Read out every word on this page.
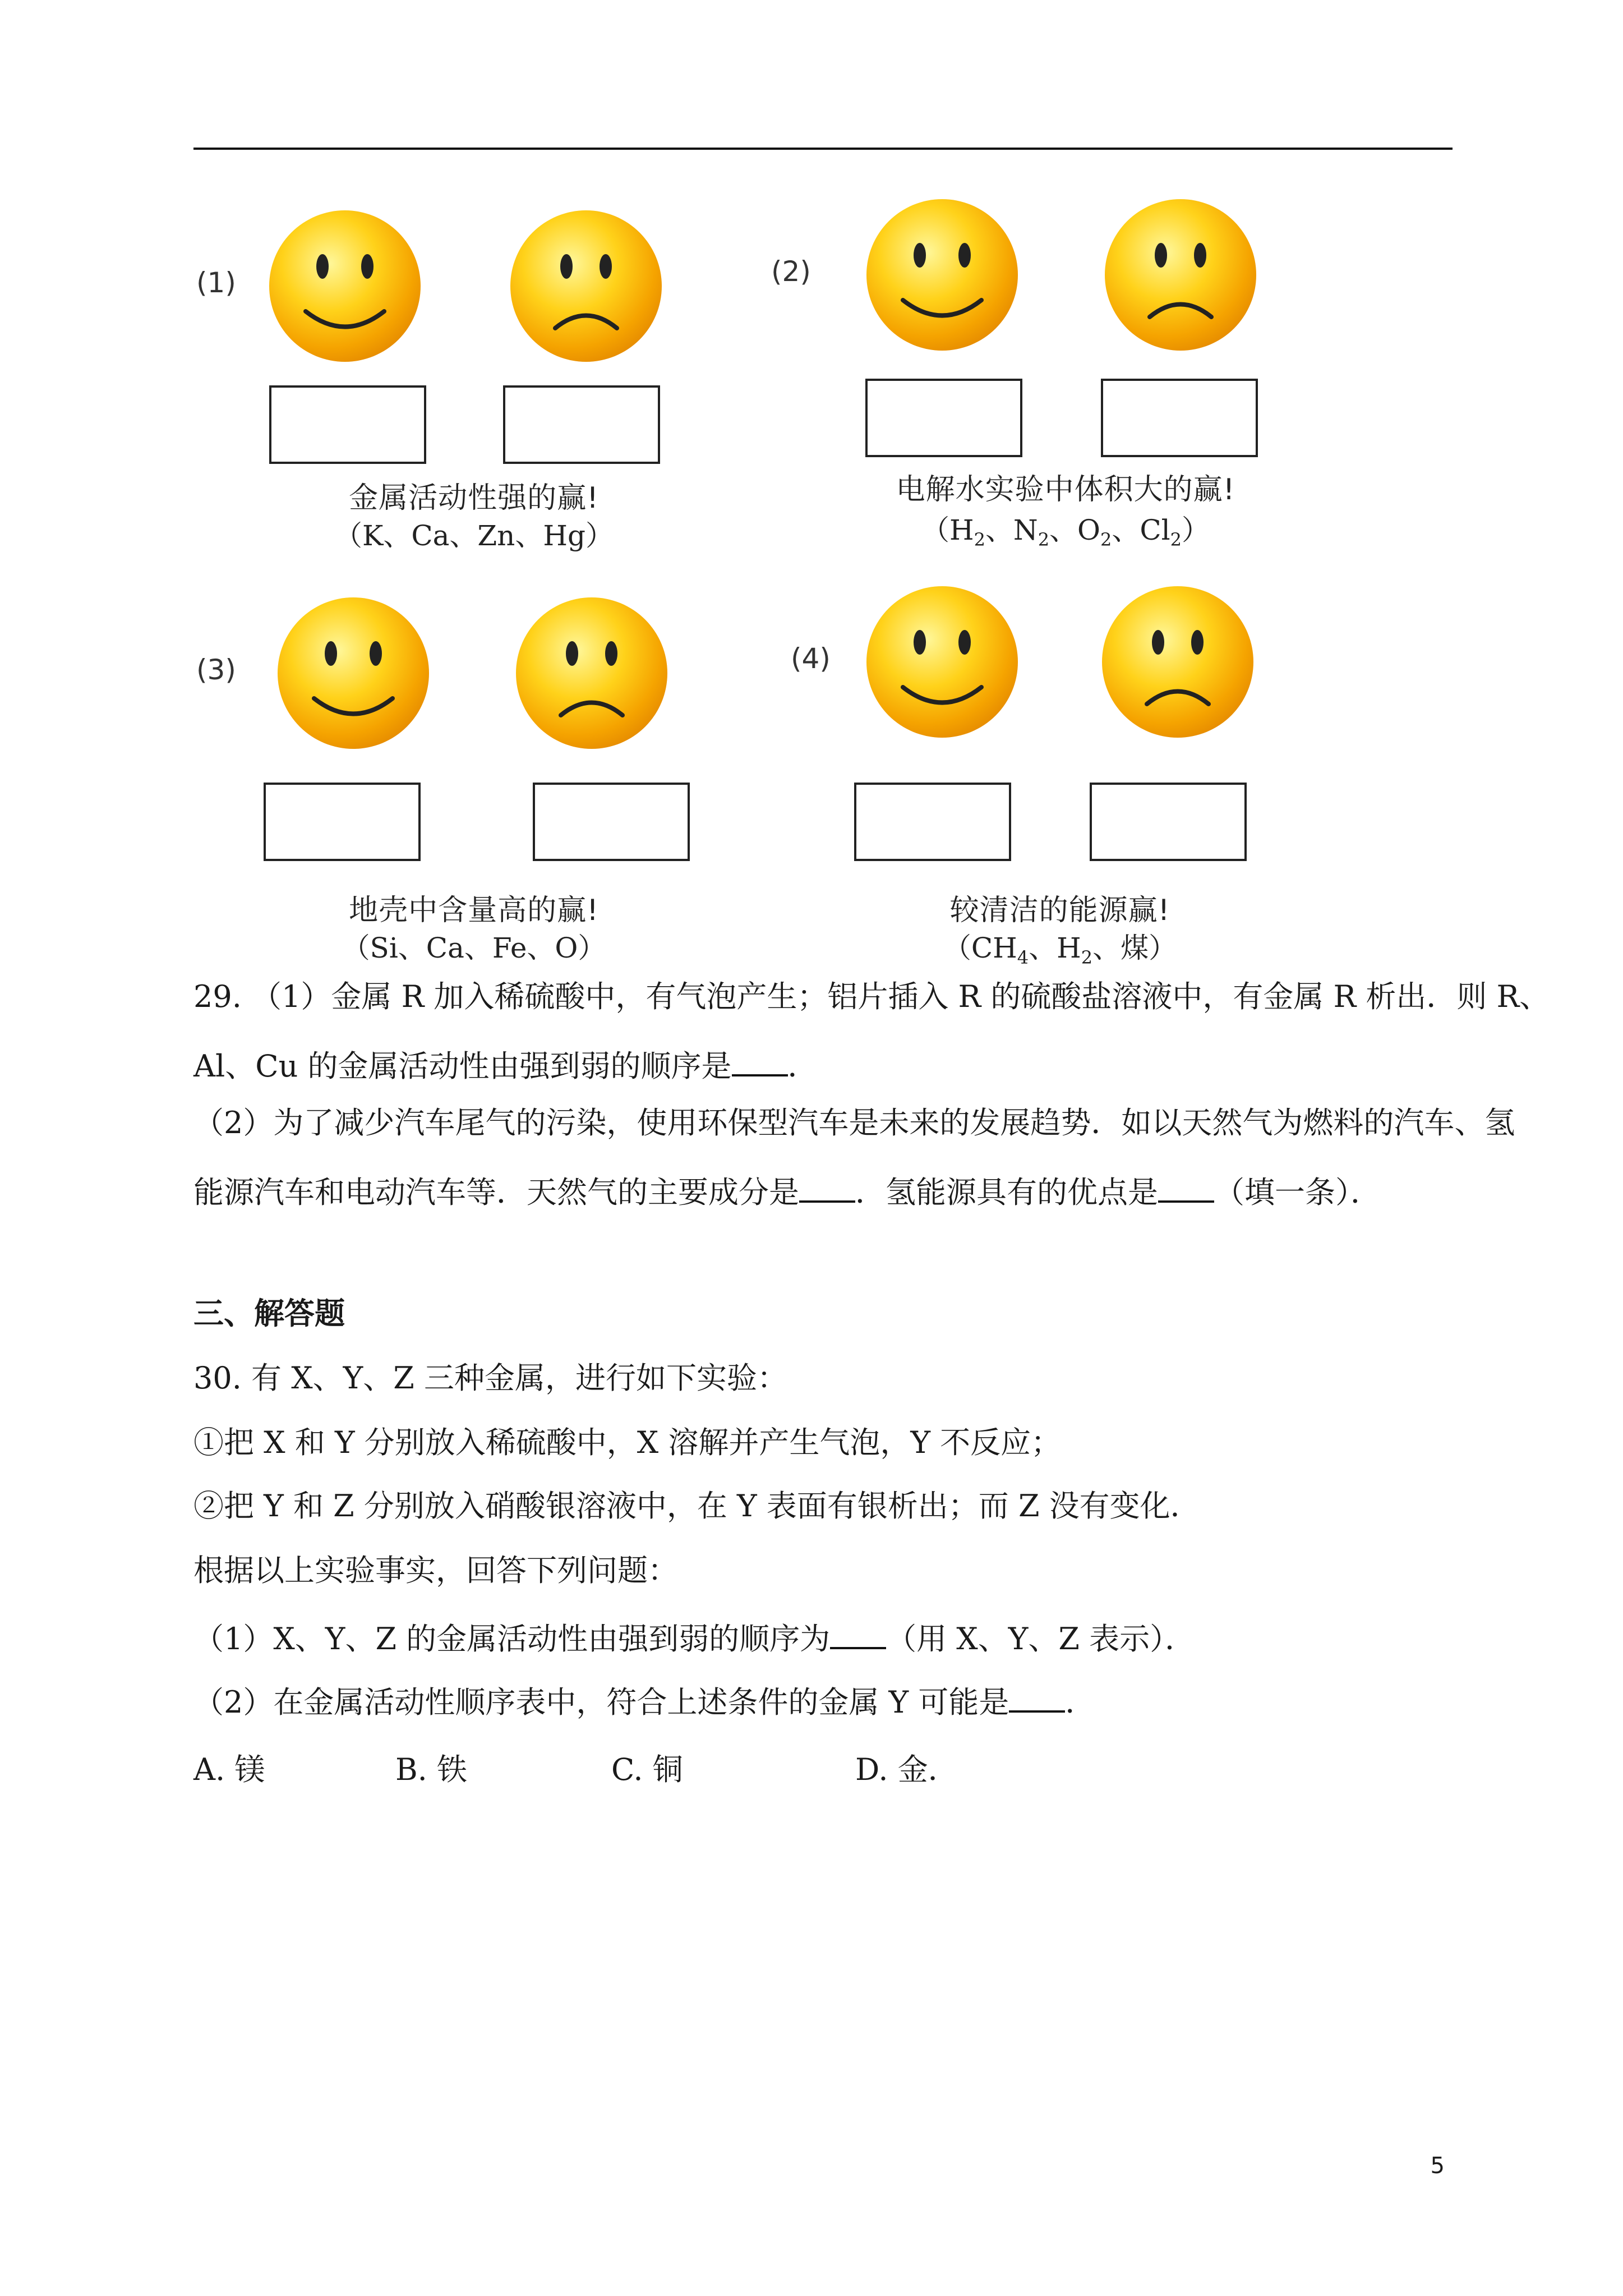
(1)
金属活动性强的赢!
（K、Ca、Zn、Hg）
(2)
电解水实验中体积大的赢!
（$H_2$、$N_2$、$O_2$、$Cl_2$）
(3)
地壳中含量高的赢!
（Si、Ca、Fe、O）
(4)
较清洁的能源赢!
（$CH_4$、$H_2$、煤）
29. （1）金属 R 加入稀硫酸中，有气泡产生；铝片插入 R 的硫酸盐溶液中，有金属 R 析出．则 R、
Al、Cu 的金属活动性由强到弱的顺序是 ．
（2）为了减少汽车尾气的污染，使用环保型汽车是未来的发展趋势．如以天然气为燃料的汽车、氢
能源汽车和电动汽车等．天然气的主要成分是 ．氢能源具有的优点是 （填一条）．
三、解答题
30. 有 X、Y、Z 三种金属，进行如下实验：
①把 X 和 Y 分别放入稀硫酸中，X 溶解并产生气泡，Y 不反应；
②把 Y 和 Z 分别放入硝酸银溶液中，在 Y 表面有银析出；而 Z 没有变化．
根据以上实验事实，回答下列问题：
（1）X、Y、Z 的金属活动性由强到弱的顺序为 （用 X、Y、Z 表示）．
（2）在金属活动性顺序表中，符合上述条件的金属 Y 可能是 ．
A. 镁	B. 铁	C. 铜	D. 金．
5
